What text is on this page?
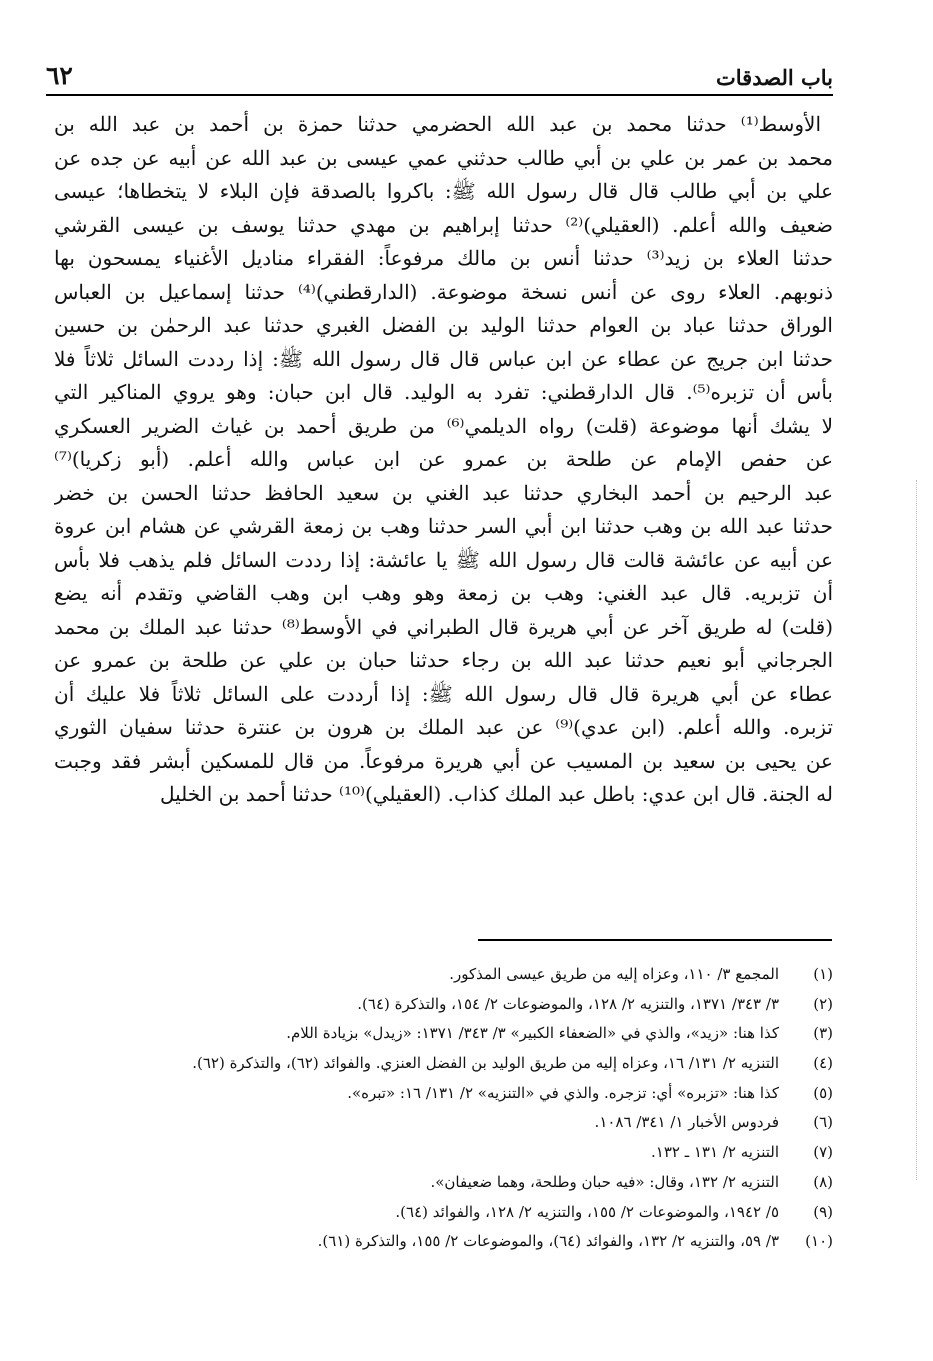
باب الصدقات
٦٢
الأوسط⁽¹⁾ حدثنا محمد بن عبد الله الحضرمي حدثنا حمزة بن أحمد بن عبد الله بن
محمد بن عمر بن علي بن أبي طالب حدثني عمي عيسى بن عبد الله عن أبيه عن جده عن
علي بن أبي طالب قال قال رسول الله ﷺ: باكروا بالصدقة فإن البلاء لا يتخطاها؛ عيسى
ضعيف والله أعلم. (العقيلي)⁽²⁾ حدثنا إبراهيم بن مهدي حدثنا يوسف بن عيسى القرشي
حدثنا العلاء بن زيد⁽³⁾ حدثنا أنس بن مالك مرفوعاً: الفقراء مناديل الأغنياء يمسحون بها
ذنوبهم. العلاء روى عن أنس نسخة موضوعة. (الدارقطني)⁽⁴⁾ حدثنا إسماعيل بن العباس
الوراق حدثنا عباد بن العوام حدثنا الوليد بن الفضل الغبري حدثنا عبد الرحمٰن بن حسين
حدثنا ابن جريج عن عطاء عن ابن عباس قال قال رسول الله ﷺ: إذا رددت السائل ثلاثاً فلا
بأس أن تزبره⁽⁵⁾. قال الدارقطني: تفرد به الوليد. قال ابن حبان: وهو يروي المناكير التي
لا يشك أنها موضوعة (قلت) رواه الديلمي⁽⁶⁾ من طريق أحمد بن غياث الضرير العسكري
عن حفص الإمام عن طلحة بن عمرو عن ابن عباس والله أعلم. (أبو زكريا)⁽⁷⁾
عبد الرحيم بن أحمد البخاري حدثنا عبد الغني بن سعيد الحافظ حدثنا الحسن بن خضر
حدثنا عبد الله بن وهب حدثنا ابن أبي السر حدثنا وهب بن زمعة القرشي عن هشام ابن عروة
عن أبيه عن عائشة قالت قال رسول الله ﷺ يا عائشة: إذا رددت السائل فلم يذهب فلا بأس
أن تزبريه. قال عبد الغني: وهب بن زمعة وهو وهب ابن وهب القاضي وتقدم أنه يضع
(قلت) له طريق آخر عن أبي هريرة قال الطبراني في الأوسط⁽⁸⁾ حدثنا عبد الملك بن محمد
الجرجاني أبو نعيم حدثنا عبد الله بن رجاء حدثنا حبان بن علي عن طلحة بن عمرو عن
عطاء عن أبي هريرة قال قال رسول الله ﷺ: إذا أرددت على السائل ثلاثاً فلا عليك أن
تزبره. والله أعلم. (ابن عدي)⁽⁹⁾ عن عبد الملك بن هرون بن عنترة حدثنا سفيان الثوري
عن يحيى بن سعيد بن المسيب عن أبي هريرة مرفوعاً. من قال للمسكين أبشر فقد وجبت
له الجنة. قال ابن عدي: باطل عبد الملك كذاب. (العقيلي)⁽¹⁰⁾ حدثنا أحمد بن الخليل
(١)
المجمع ٣/ ١١٠، وعزاه إليه من طريق عيسى المذكور.
(٢)
٣/ ٣٤٣/ ١٣٧١، والتنزيه ٢/ ١٢٨، والموضوعات ٢/ ١٥٤، والتذكرة (٦٤).
(٣)
كذا هنا: «زيد»، والذي في «الضعفاء الكبير» ٣/ ٣٤٣/ ١٣٧١: «زيدل» بزيادة اللام.
(٤)
التنزيه ٢/ ١٣١/ ١٦، وعزاه إليه من طريق الوليد بن الفضل العنزي. والفوائد (٦٢)، والتذكرة (٦٢).
(٥)
كذا هنا: «تزبره» أي: تزجره. والذي في «التنزيه» ٢/ ١٣١/ ١٦: «تبره».
(٦)
فردوس الأخبار ١/ ٣٤١/ ١٠٨٦.
(٧)
التنزيه ٢/ ١٣١ ـ ١٣٢.
(٨)
التنزيه ٢/ ١٣٢، وقال: «فيه حبان وطلحة، وهما ضعيفان».
(٩)
٥/ ١٩٤٢، والموضوعات ٢/ ١٥٥، والتنزيه ٢/ ١٢٨، والفوائد (٦٤).
(١٠)
٣/ ٥٩، والتنزيه ٢/ ١٣٢، والفوائد (٦٤)، والموضوعات ٢/ ١٥٥، والتذكرة (٦١).
